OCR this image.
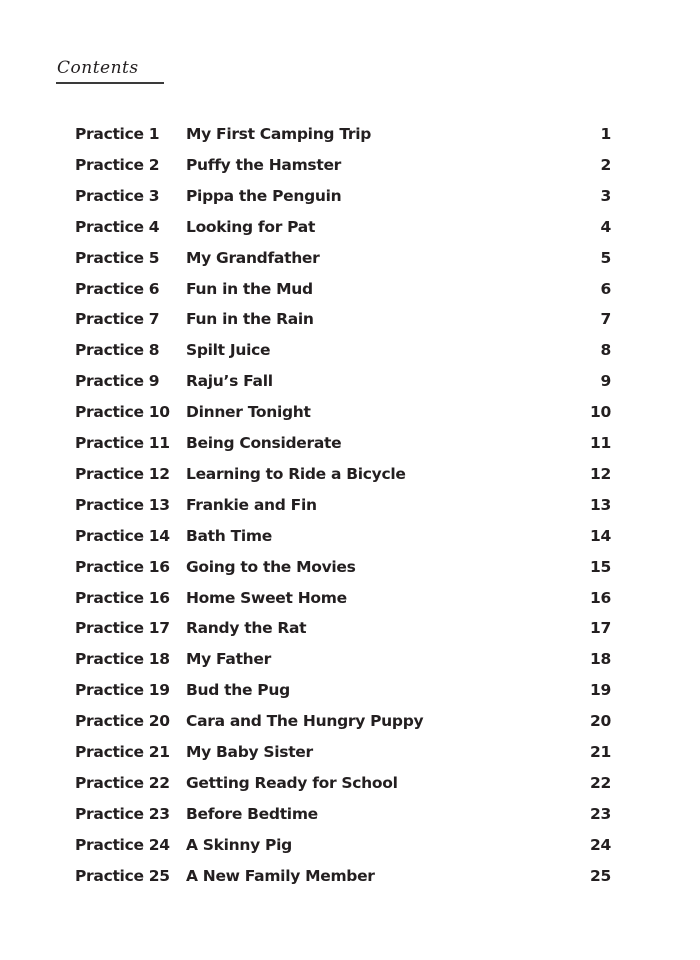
Contents
Practice 1 My First Camping Trip	1
Practice 2 Puffy the Hamster	2
Practice 3 Pippa the Penguin	3
Practice 4 Looking for Pat	4
Practice 5 My Grandfather	5
Practice 6 Fun in the Mud	6
Practice 7 Fun in the Rain	7
Practice 8 Spilt Juice	8
Practice 9 Raju’s Fall	9
Practice 10 Dinner Tonight	10
Practice 11 Being Considerate	11
Practice 12 Learning to Ride a Bicycle	12
Practice 13 Frankie and Fin	13
Practice 14 Bath Time	14
Practice 16 Going to the Movies	15
Practice 16 Home Sweet Home	16
Practice 17 Randy the Rat	17
Practice 18 My Father	18
Practice 19 Bud the Pug	19
Practice 20 Cara and The Hungry Puppy	20
Practice 21 My Baby Sister	21
Practice 22 Getting Ready for School	22
Practice 23 Before Bedtime	23
Practice 24 A Skinny Pig	24
Practice 25 A New Family Member	25
